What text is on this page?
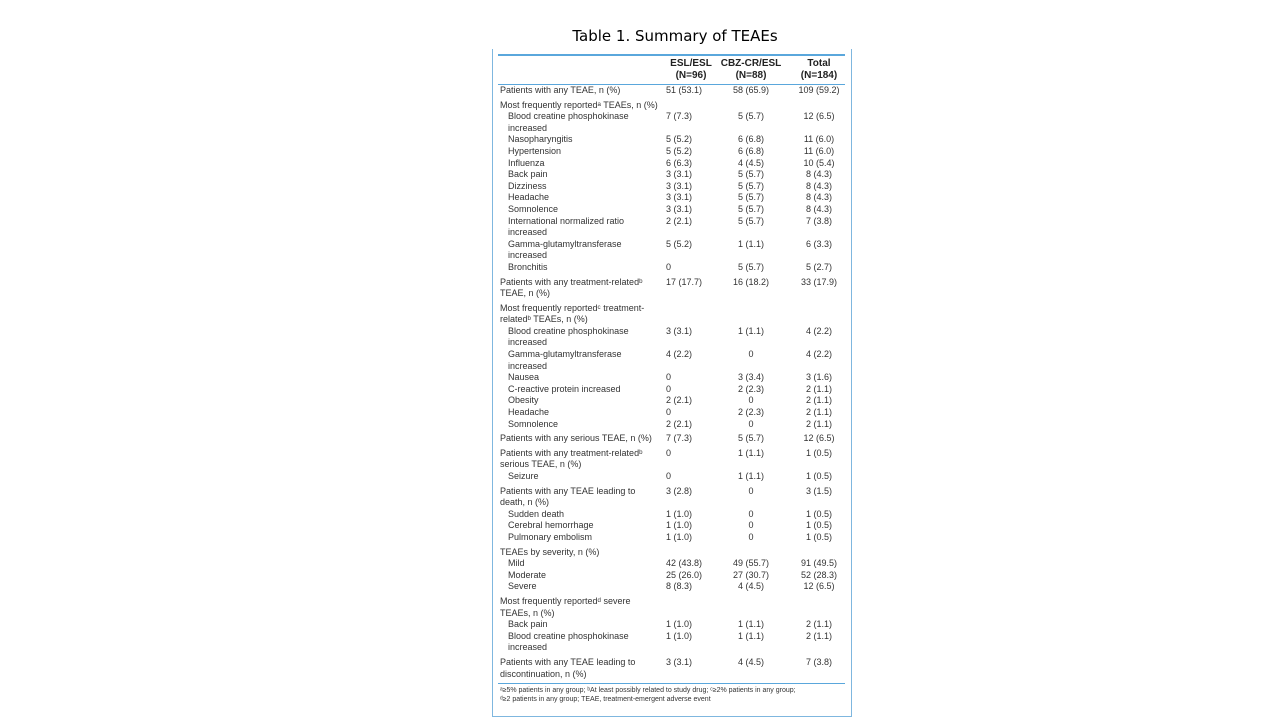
Table 1. Summary of TEAEs
ESL/ESL
(N=96)
CBZ-CR/ESL
(N=88)
Total
(N=184)
Patients with any TEAE, n (%)	51 (53.1)	58 (65.9)	109 (59.2)
Most frequently reportedᵃ TEAEs, n (%)
Blood creatine phosphokinase increased
7 (7.3)	5 (5.7)	12 (6.5)
Nasopharyngitis	5 (5.2)	6 (6.8)	11 (6.0)
Hypertension	5 (5.2)	6 (6.8)	11 (6.0)
Influenza	6 (6.3)	4 (4.5)	10 (5.4)
Back pain	3 (3.1)	5 (5.7)	8 (4.3)
Dizziness	3 (3.1)	5 (5.7)	8 (4.3)
Headache	3 (3.1)	5 (5.7)	8 (4.3)
Somnolence	3 (3.1)	5 (5.7)	8 (4.3)
International normalized ratio increased
2 (2.1)	5 (5.7)	7 (3.8)
Gamma-glutamyltransferase increased
5 (5.2)	1 (1.1)	6 (3.3)
Bronchitis	0	5 (5.7)	5 (2.7)
Patients with any treatment-relatedᵇ TEAE, n (%)
17 (17.7)	16 (18.2)	33 (17.9)
Most frequently reportedᶜ treatment-relatedᵇ TEAEs, n (%)
Blood creatine phosphokinase increased
3 (3.1)	1 (1.1)	4 (2.2)
Gamma-glutamyltransferase increased
4 (2.2)	0	4 (2.2)
Nausea	0	3 (3.4)	3 (1.6)
C-reactive protein increased	0	2 (2.3)	2 (1.1)
Obesity	2 (2.1)	0	2 (1.1)
Headache	0	2 (2.3)	2 (1.1)
Somnolence	2 (2.1)	0	2 (1.1)
Patients with any serious TEAE, n (%)	7 (7.3)	5 (5.7)	12 (6.5)
Patients with any treatment-relatedᵇ serious TEAE, n (%)
0	1 (1.1)	1 (0.5)
Seizure	0	1 (1.1)	1 (0.5)
Patients with any TEAE leading to death, n (%)
3 (2.8)	0	3 (1.5)
Sudden death	1 (1.0)	0	1 (0.5)
Cerebral hemorrhage	1 (1.0)	0	1 (0.5)
Pulmonary embolism	1 (1.0)	0	1 (0.5)
TEAEs by severity, n (%)
Mild	42 (43.8)	49 (55.7)	91 (49.5)
Moderate	25 (26.0)	27 (30.7)	52 (28.3)
Severe	8 (8.3)	4 (4.5)	12 (6.5)
Most frequently reportedᵈ severe TEAEs, n (%)
Back pain	1 (1.0)	1 (1.1)	2 (1.1)
Blood creatine phosphokinase increased
1 (1.0)	1 (1.1)	2 (1.1)
Patients with any TEAE leading to discontinuation, n (%)
3 (3.1)	4 (4.5)	7 (3.8)
ᵃ≥5% patients in any group; ᵇAt least possibly related to study drug; ᶜ≥2% patients in any group;
ᵈ≥2 patients in any group; TEAE, treatment-emergent adverse event
